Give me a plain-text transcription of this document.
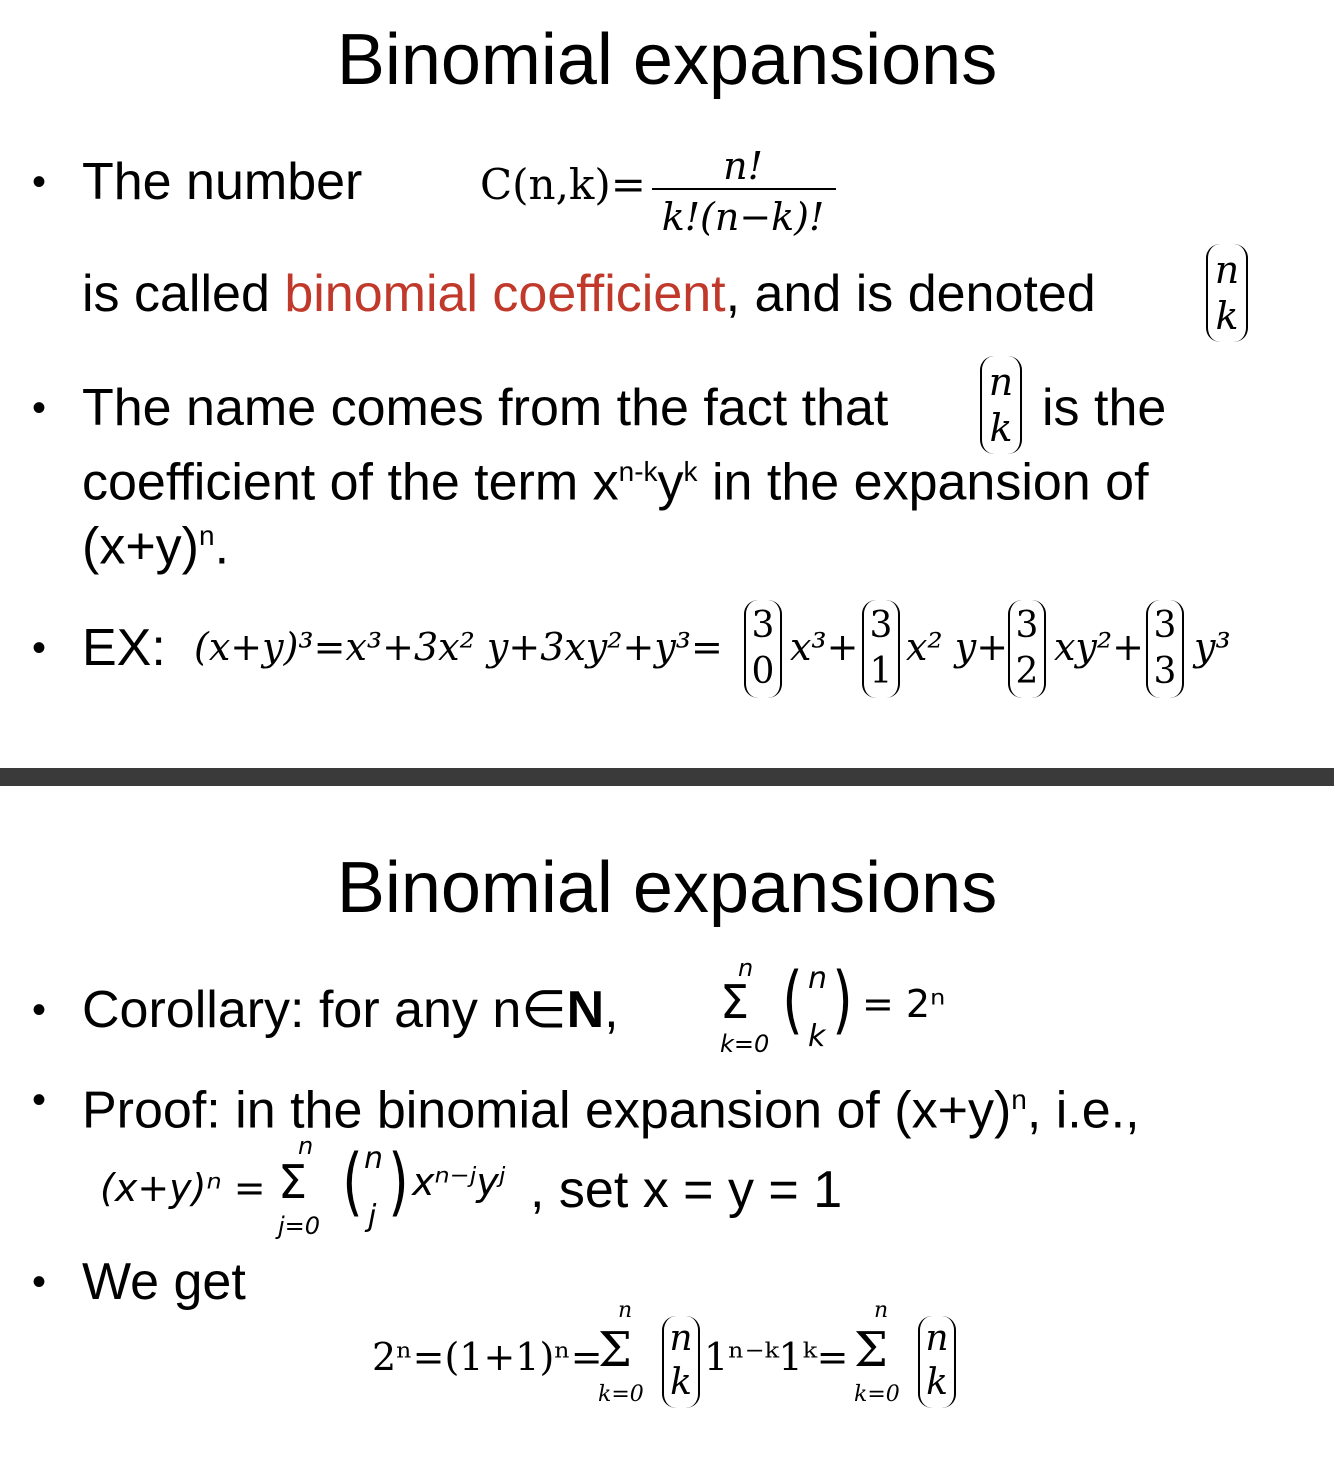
Binomial expansions
• The number	C(n,k)=	n!
k!(n−k)!
is called binomial coefficient, and is denoted	n
k
• The name comes from the fact that	n
k is the
coefficient of the term $x^{n-k}y^k$ in the expansion of
$(x+y)^n$.
• EX: (x+y)³=x³+3x² y+3xy²+y³= 3
0
x³+ 3
1
x² y+ 3
2
xy²+ 3
3
y³
Binomial expansions
• Corollary: for any n∈N,
n
Σ
k=0
( n
k ) = 2ⁿ
• Proof: in the binomial expansion of $(x+y)^n$, i.e.,
(x+y)ⁿ =
n
Σ
j=0
( n
j ) xⁿ⁻ʲyʲ , set x = y = 1
• We get
2ⁿ=(1+1)ⁿ=
n
Σ
k=0
n
k
1ⁿ⁻ᵏ1ᵏ=
n
Σ
k=0
n
k
